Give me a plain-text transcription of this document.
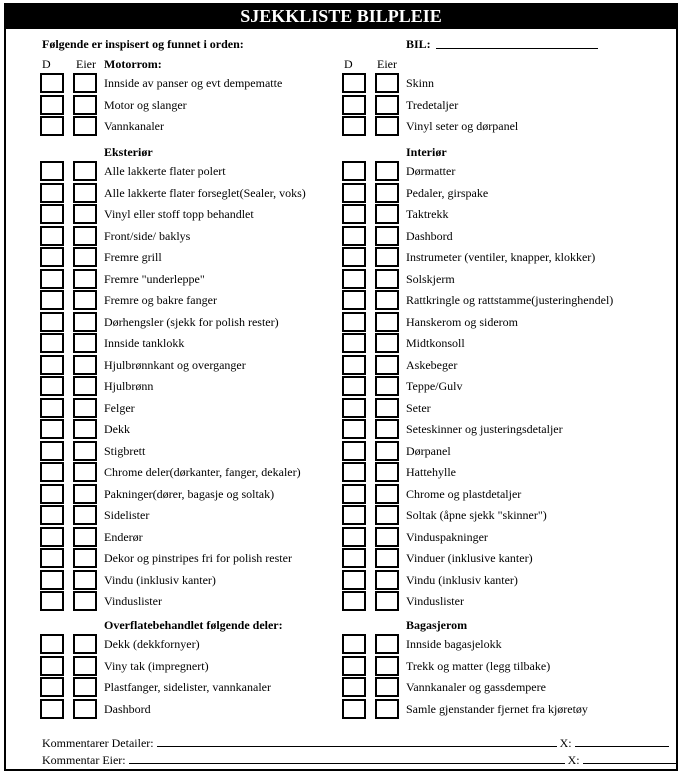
SJEKKLISTE BILPLEIE
Følgende er inspisert og funnet i orden:	BIL:
D Eier	D Eier
Motorrom:
Innside av panser og evt dempematte
Motor og slanger
Vannkanaler
Eksteriør
Alle lakkerte flater polert
Alle lakkerte flater forseglet(Sealer, voks)
Vinyl eller stoff topp behandlet
Front/side/ baklys
Fremre grill
Fremre "underleppe"
Fremre og bakre fanger
Dørhengsler (sjekk for polish rester)
Innside tanklokk
Hjulbrønnkant og overganger
Hjulbrønn
Felger
Dekk
Stigbrett
Chrome deler(dørkanter, fanger, dekaler)
Pakninger(dører, bagasje og soltak)
Sidelister
Enderør
Dekor og pinstripes fri for polish rester
Vindu (inklusiv kanter)
Vinduslister
Overflatebehandlet følgende deler:
Dekk (dekkfornyer)
Viny tak (impregnert)
Plastfanger, sidelister, vannkanaler
Dashbord
Skinn
Tredetaljer
Vinyl seter og dørpanel
Interiør
Dørmatter
Pedaler, girspake
Taktrekk
Dashbord
Instrumeter (ventiler, knapper, klokker)
Solskjerm
Rattkringle og rattstamme(justeringhendel)
Hanskerom og siderom
Midtkonsoll
Askebeger
Teppe/Gulv
Seter
Seteskinner og justeringsdetaljer
Dørpanel
Hattehylle
Chrome og plastdetaljer
Soltak (åpne sjekk "skinner")
Vinduspakninger
Vinduer (inklusive kanter)
Vindu (inklusiv kanter)
Vinduslister
Bagasjerom
Innside bagasjelokk
Trekk og matter (legg tilbake)
Vannkanaler og gassdempere
Samle gjenstander fjernet fra kjøretøy
Kommentarer Detailer:	X:
Kommentar Eier:	X:
